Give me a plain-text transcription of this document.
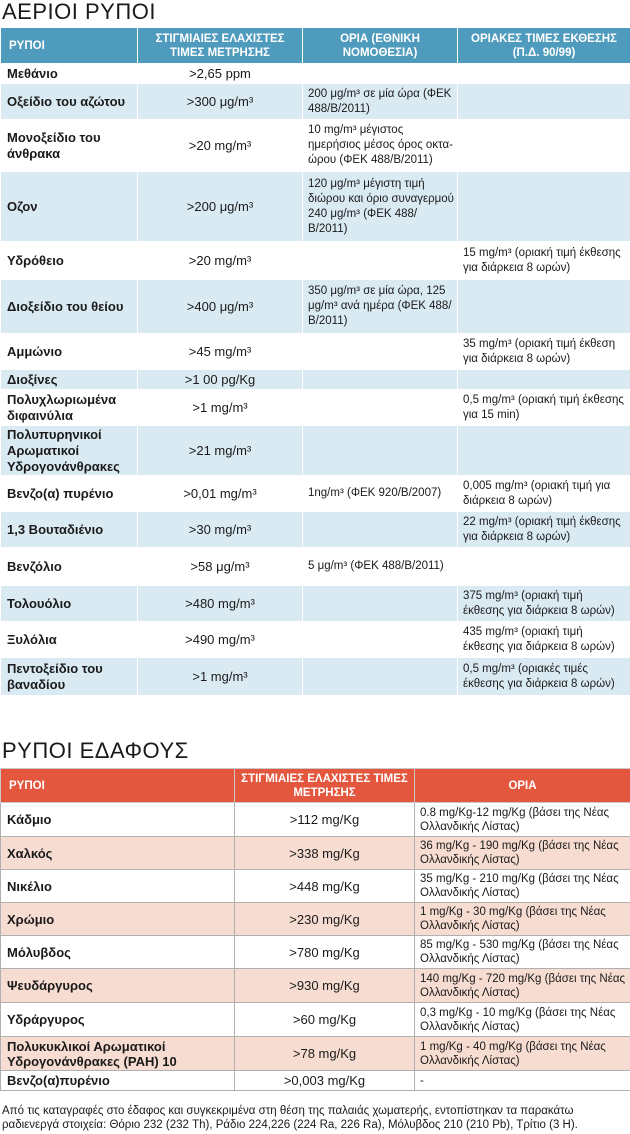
ΑΕΡΙΟΙ ΡΥΠΟΙ
ΡΥΠΟΙ	ΣΤΙΓΜΙΑΙΕΣ ΕΛΑΧΙΣΤΕΣ ΤΙΜΕΣ ΜΕΤΡΗΣΗΣ	ΟΡΙΑ (ΕΘΝΙΚΗ ΝΟΜΟΘΕΣΙΑ)	ΟΡΙΑΚΕΣ ΤΙΜΕΣ ΕΚΘΕΣΗΣ (Π.Δ. 90/99)
Μεθάνιο	>2,65 ppm		
Οξείδιο του αζώτου	>300 μg/m³	200 μg/m³ σε μία ώρα (ΦΕΚ 488/Β/2011)	
Μονοξείδιο του άνθρακα	>20 mg/m³	10 mg/m³ μέγιστος ημερήσιος μέσος όρος οκταώρου (ΦΕΚ 488/Β/2011)	
Οζον	>200 μg/m³	120 μg/m³ μέγιστη τιμή διώρου και όριο συναγερμού 240 μg/m³ (ΦΕΚ 488/Β/2011)	
Υδρόθειο	>20 mg/m³		15 mg/m³ (οριακή τιμή έκθεσης για διάρκεια 8 ωρών)
Διοξείδιο του θείου	>400 μg/m³	350 μg/m³ σε μία ώρα, 125 μg/m³ ανά ημέρα (ΦΕΚ 488/Β/2011)	
Αμμώνιο	>45 mg/m³		35 mg/m³ (οριακή τιμή έκθεση για διάρκεια 8 ωρών)
Διοξίνες	>1 00 pg/Kg		
Πολυχλωριωμένα διφαινύλια	>1 mg/m³		0,5 mg/m³ (οριακή τιμή έκθεσης για 15 min)
Πολυπυρηνικοί Αρωματικοί Υδρογονάνθρακες	>21 mg/m³		
Βενζο(α) πυρένιο	>0,01 mg/m³	1ng/m³ (ΦΕΚ 920/Β/2007)	0,005 mg/m³ (οριακή τιμή για διάρκεια 8 ωρών)
1,3 Βουταδιένιο	>30 mg/m³		22 mg/m³ (οριακή τιμή έκθεσης για διάρκεια 8 ωρών)
Βενζόλιο	>58 μg/m³	5 μg/m³ (ΦΕΚ 488/Β/2011)	
Τολουόλιο	>480 mg/m³		375 mg/m³ (οριακή τιμή έκθεσης για διάρκεια 8 ωρών)
Ξυλόλια	>490 mg/m³		435 mg/m³ (οριακή τιμή έκθεσης για διάρκεια 8 ωρών)
Πεντοξείδιο του βαναδίου	>1 mg/m³		0,5 mg/m³ (οριακές τιμές έκθεσης για διάρκεια 8 ωρών)
ΡΥΠΟΙ ΕΔΑΦΟΥΣ
ΡΥΠΟΙ	ΣΤΙΓΜΙΑΙΕΣ ΕΛΑΧΙΣΤΕΣ ΤΙΜΕΣ ΜΕΤΡΗΣΗΣ	ΟΡΙΑ
Κάδμιο	>112 mg/Kg	0.8 mg/Kg-12 mg/Kg (βάσει της Νέας Ολλανδικής Λίστας)
Χαλκός	>338 mg/Kg	36 mg/Kg - 190 mg/Kg (βάσει της Νέας Ολλανδικής Λίστας)
Νικέλιο	>448 mg/Kg	35 mg/Kg - 210 mg/Kg (βάσει της Νέας Ολλανδικής Λίστας)
Χρώμιο	>230 mg/Kg	1 mg/Kg - 30 mg/Kg (βάσει της Νέας Ολλανδικής Λίστας)
Μόλυβδος	>780 mg/Kg	85 mg/Kg - 530 mg/Kg (βάσει της Νέας Ολλανδικής Λίστας)
Ψευδάργυρος	>930 mg/Kg	140 mg/Kg - 720 mg/Kg (βάσει της Νέας Ολλανδικής Λίστας)
Υδράργυρος	>60 mg/Kg	0,3 mg/Kg - 10 mg/Kg (βάσει της Νέας Ολλανδικής Λίστας)
Πολυκυκλικοί Αρωματικοί Υδρογονάνθρακες (PAH) 10	>78 mg/Kg	1 mg/Kg - 40 mg/Kg (βάσει της Νέας Ολλανδικής Λίστας)
Βενζο(α)πυρένιο	>0,003 mg/Kg	-

Από τις καταγραφές στο έδαφος και συγκεκριμένα στη θέση της παλαιάς χωματερής, εντοπίστηκαν τα παρακάτω ραδιενεργά στοιχεία: Θόριο 232 (232 Th), Ράδιο 224,226 (224 Ra, 226 Ra), Μόλυβδος 210 (210 Pb), Τρίτιο (3 H).
